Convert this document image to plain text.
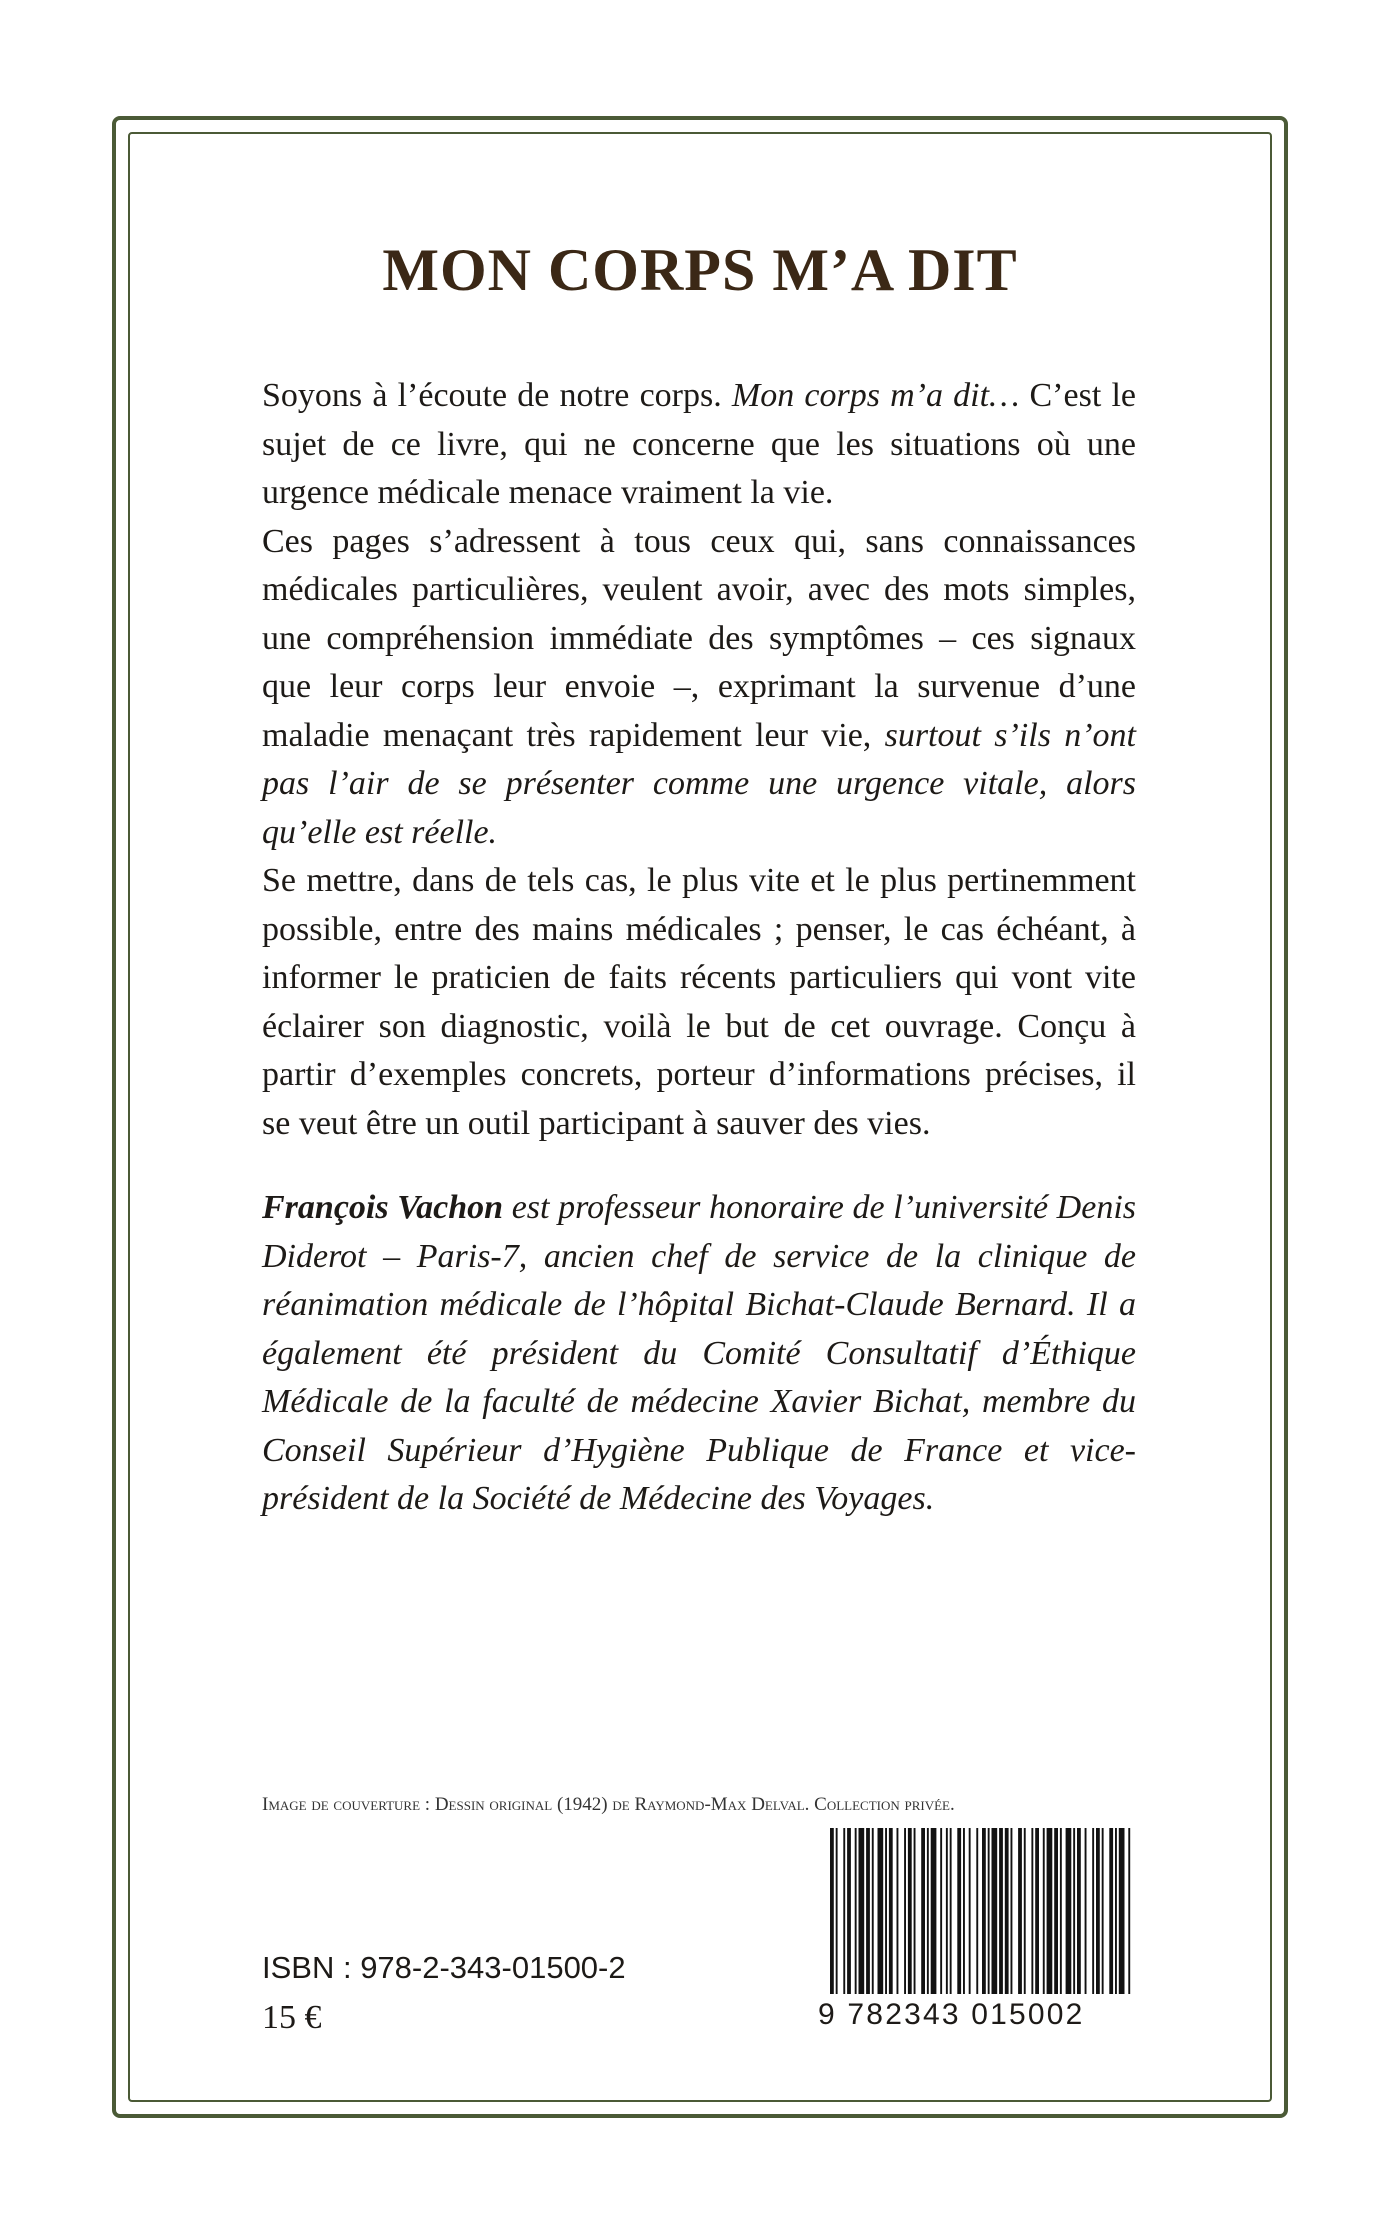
MON CORPS M’A DIT

Soyons à l’écoute de notre corps. Mon corps m’a dit… C’est le sujet de ce livre, qui ne concerne que les situations où une urgence médicale menace vraiment la vie.

Ces pages s’adressent à tous ceux qui, sans connaissances médicales particulières, veulent avoir, avec des mots simples, une compréhension immédiate des symptômes – ces signaux que leur corps leur envoie –, exprimant la survenue d’une maladie menaçant très rapidement leur vie, surtout s’ils n’ont pas l’air de se présenter comme une urgence vitale, alors qu’elle est réelle.

Se mettre, dans de tels cas, le plus vite et le plus pertinemment possible, entre des mains médicales ; penser, le cas échéant, à informer le praticien de faits récents particuliers qui vont vite éclairer son diagnostic, voilà le but de cet ouvrage. Conçu à partir d’exemples concrets, porteur d’informations précises, il se veut être un outil participant à sauver des vies.

François Vachon est professeur honoraire de l’université Denis Diderot – Paris-7, ancien chef de service de la clinique de réanimation médicale de l’hôpital Bichat-Claude Bernard. Il a également été président du Comité Consultatif d’Éthique Médicale de la faculté de médecine Xavier Bichat, membre du Conseil Supérieur d’Hygiène Publique de France et vice-président de la Société de Médecine des Voyages.

Image de couverture : Dessin original (1942) de Raymond-Max Delval. Collection privée.
ISBN : 978-2-343-01500-2
15 €	9 782343 015002
